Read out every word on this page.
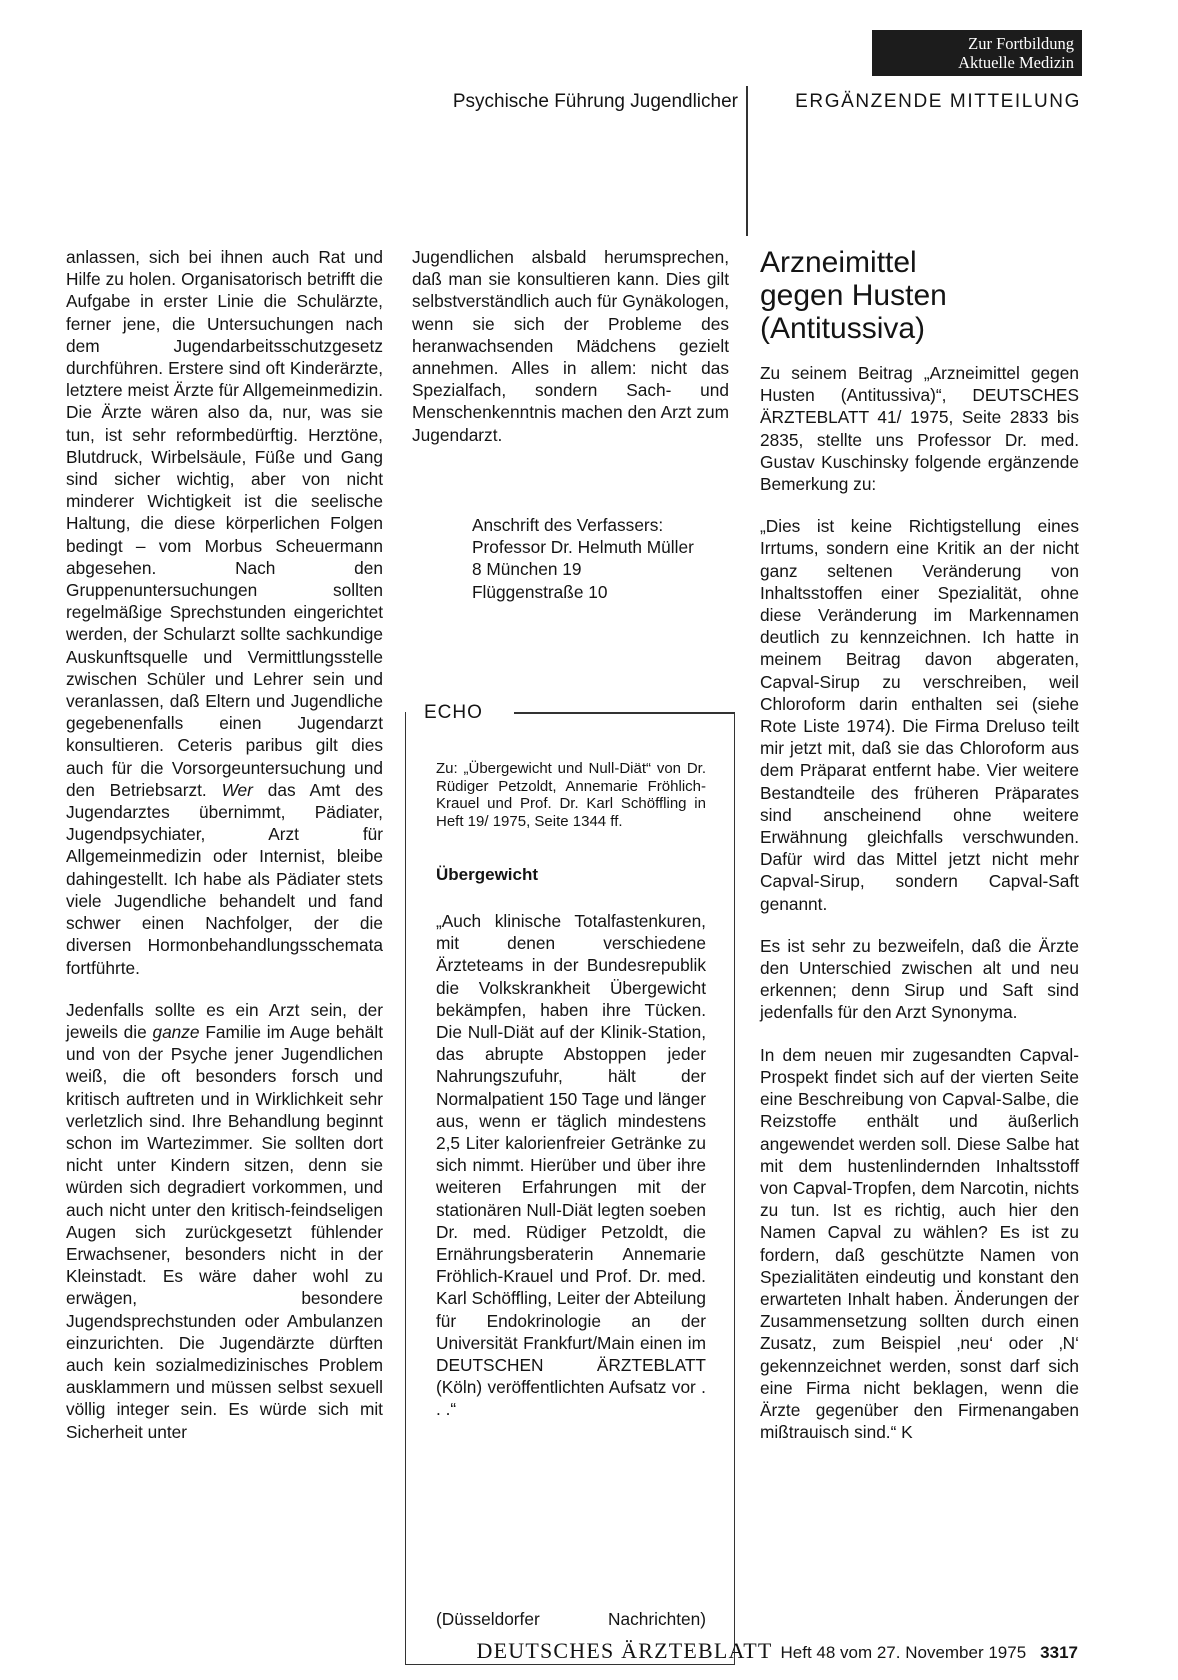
Zur Fortbildung
Aktuelle Medizin
Psychische Führung Jugendlicher	ERGÄNZENDE MITTEILUNG

anlassen, sich bei ihnen auch Rat und Hilfe zu holen. Organisatorisch betrifft die Aufgabe in erster Linie die Schulärzte, ferner jene, die Untersuchungen nach dem Jugendarbeitsschutzgesetz durchführen. Erstere sind oft Kinderärzte, letztere meist Ärzte für Allgemeinmedizin. Die Ärzte wären also da, nur, was sie tun, ist sehr reformbedürftig. Herztöne, Blutdruck, Wirbelsäule, Füße und Gang sind sicher wichtig, aber von nicht minderer Wichtigkeit ist die seelische Haltung, die diese körperlichen Folgen bedingt – vom Morbus Scheuermann abgesehen. Nach den Gruppenuntersuchungen sollten regelmäßige Sprechstunden eingerichtet werden, der Schularzt sollte sachkundige Auskunftsquelle und Vermittlungsstelle zwischen Schüler und Lehrer sein und veranlassen, daß Eltern und Jugendliche gegebenenfalls einen Jugendarzt konsultieren. Ceteris paribus gilt dies auch für die Vorsorgeuntersuchung und den Betriebsarzt. Wer das Amt des Jugendarztes übernimmt, Pädiater, Jugendpsychiater, Arzt für Allgemeinmedizin oder Internist, bleibe dahingestellt. Ich habe als Pädiater stets viele Jugendliche behandelt und fand schwer einen Nachfolger, der die diversen Hormonbehandlungsschemata fortführte.

Jedenfalls sollte es ein Arzt sein, der jeweils die ganze Familie im Auge behält und von der Psyche jener Jugendlichen weiß, die oft besonders forsch und kritisch auftreten und in Wirklichkeit sehr verletzlich sind. Ihre Behandlung beginnt schon im Wartezimmer. Sie sollten dort nicht unter Kindern sitzen, denn sie würden sich degradiert vorkommen, und auch nicht unter den kritisch-feindseligen Augen sich zurückgesetzt fühlender Erwachsener, besonders nicht in der Kleinstadt. Es wäre daher wohl zu erwägen, besondere Jugendsprechstunden oder Ambulanzen einzurichten. Die Jugendärzte dürften auch kein sozialmedizinisches Problem ausklammern und müssen selbst sexuell völlig integer sein. Es würde sich mit Sicherheit unter

Jugendlichen alsbald herumsprechen, daß man sie konsultieren kann. Dies gilt selbstverständlich auch für Gynäkologen, wenn sie sich der Probleme des heranwachsenden Mädchens gezielt annehmen. Alles in allem: nicht das Spezialfach, sondern Sach- und Menschenkenntnis machen den Arzt zum Jugendarzt.

Anschrift des Verfassers:
Professor Dr. Helmuth Müller
8 München 19
Flüggenstraße 10
ECHO

Zu: „Übergewicht und Null-Diät“ von Dr. Rüdiger Petzoldt, Annemarie Fröhlich-Krauel und Prof. Dr. Karl Schöffling in Heft 19/ 1975, Seite 1344 ff.

Übergewicht

„Auch klinische Totalfastenkuren, mit denen verschiedene Ärzteteams in der Bundesrepublik die Volkskrankheit Übergewicht bekämpfen, haben ihre Tücken. Die Null-Diät auf der Klinik-Station, das abrupte Abstoppen jeder Nahrungszufuhr, hält der Normalpatient 150 Tage und länger aus, wenn er täglich mindestens 2,5 Liter kalorienfreier Getränke zu sich nimmt. Hierüber und über ihre weiteren Erfahrungen mit der stationären Null-Diät legten soeben Dr. med. Rüdiger Petzoldt, die Ernährungsberaterin Annemarie Fröhlich-Krauel und Prof. Dr. med. Karl Schöffling, Leiter der Abteilung für Endokrinologie an der Universität Frankfurt/Main einen im DEUTSCHEN ÄRZTEBLATT (Köln) veröffentlichten Aufsatz vor . . .“

(Düsseldorfer	Nachrichten)
Arzneimittel
gegen Husten
(Antitussiva)

Zu seinem Beitrag „Arzneimittel gegen Husten (Antitussiva)“, DEUTSCHES ÄRZTEBLATT 41/ 1975, Seite 2833 bis 2835, stellte uns Professor Dr. med. Gustav Kuschinsky folgende ergänzende Bemerkung zu:

„Dies ist keine Richtigstellung eines Irrtums, sondern eine Kritik an der nicht ganz seltenen Veränderung von Inhaltsstoffen einer Spezialität, ohne diese Veränderung im Markennamen deutlich zu kennzeichnen. Ich hatte in meinem Beitrag davon abgeraten, Capval-Sirup zu verschreiben, weil Chloroform darin enthalten sei (siehe Rote Liste 1974). Die Firma Dreluso teilt mir jetzt mit, daß sie das Chloroform aus dem Präparat entfernt habe. Vier weitere Bestandteile des früheren Präparates sind anscheinend ohne weitere Erwähnung gleichfalls verschwunden. Dafür wird das Mittel jetzt nicht mehr Capval-Sirup, sondern Capval-Saft genannt.

Es ist sehr zu bezweifeln, daß die Ärzte den Unterschied zwischen alt und neu erkennen; denn Sirup und Saft sind jedenfalls für den Arzt Synonyma.

In dem neuen mir zugesandten Capval-Prospekt findet sich auf der vierten Seite eine Beschreibung von Capval-Salbe, die Reizstoffe enthält und äußerlich angewendet werden soll. Diese Salbe hat mit dem hustenlindernden Inhaltsstoff von Capval-Tropfen, dem Narcotin, nichts zu tun. Ist es richtig, auch hier den Namen Capval zu wählen? Es ist zu fordern, daß geschützte Namen von Spezialitäten eindeutig und konstant den erwarteten Inhalt haben. Änderungen der Zusammensetzung sollten durch einen Zusatz, zum Beispiel ‚neu‘ oder ‚N‘ gekennzeichnet werden, sonst darf sich eine Firma nicht beklagen, wenn die Ärzte gegenüber den Firmenangaben mißtrauisch sind.“ K

DEUTSCHES ÄRZTEBLATT Heft 48 vom 27. November 1975 3317
